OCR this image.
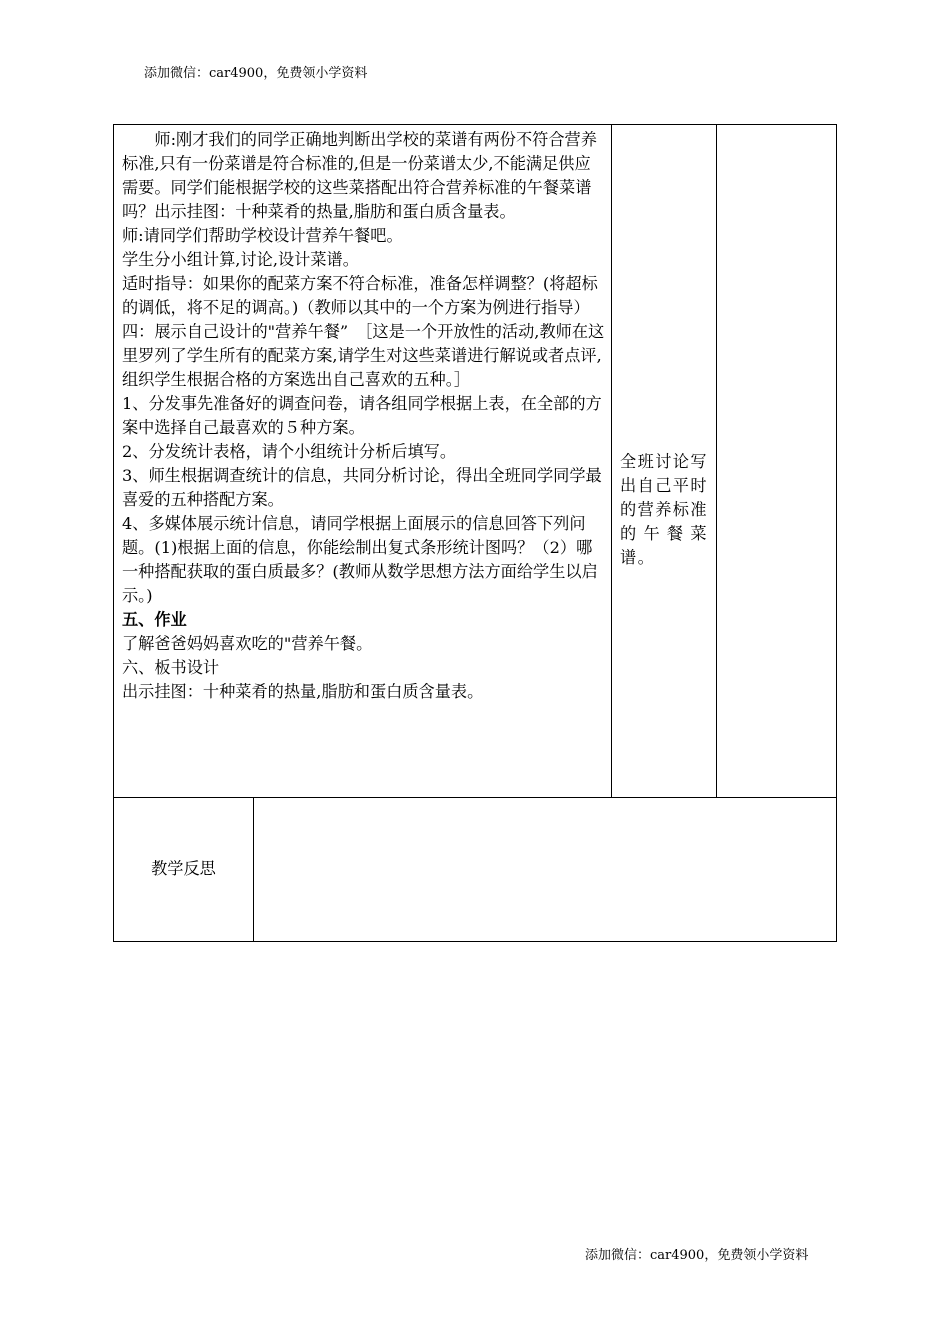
添加微信：car4900，免费领小学资料

师:刚才我们的同学正确地判断出学校的菜谱有两份不符合营养标准,只有一份菜谱是符合标准的,但是一份菜谱太少,不能满足供应需要。同学们能根据学校的这些菜搭配出符合营养标准的午餐菜谱吗？出示挂图：十种菜肴的热量,脂肪和蛋白质含量表。

师:请同学们帮助学校设计营养午餐吧。

学生分小组计算,讨论,设计菜谱。

适时指导：如果你的配菜方案不符合标准，准备怎样调整？(将超标的调低，将不足的调高。)（教师以其中的一个方案为例进行指导）

四：展示自己设计的"营养午餐”　［这是一个开放性的活动,教师在这里罗列了学生所有的配菜方案,请学生对这些菜谱进行解说或者点评,组织学生根据合格的方案选出自己喜欢的五种。］

1、分发事先准备好的调查问卷，请各组同学根据上表，在全部的方案中选择自己最喜欢的５种方案。

2、分发统计表格，请个小组统计分析后填写。

3、师生根据调查统计的信息，共同分析讨论，得出全班同学同学最喜爱的五种搭配方案。

4、多媒体展示统计信息，请同学根据上面展示的信息回答下列问题。(1)根据上面的信息，你能绘制出复式条形统计图吗？（2）哪一种搭配获取的蛋白质最多？(教师从数学思想方法方面给学生以启示。)

五、作业

了解爸爸妈妈喜欢吃的"营养午餐。

六、板书设计

出示挂图：十种菜肴的热量,脂肪和蛋白质含量表。

全班讨论写出自己平时的营养标准的午餐菜谱。
教学反思
添加微信：car4900，免费领小学资料
